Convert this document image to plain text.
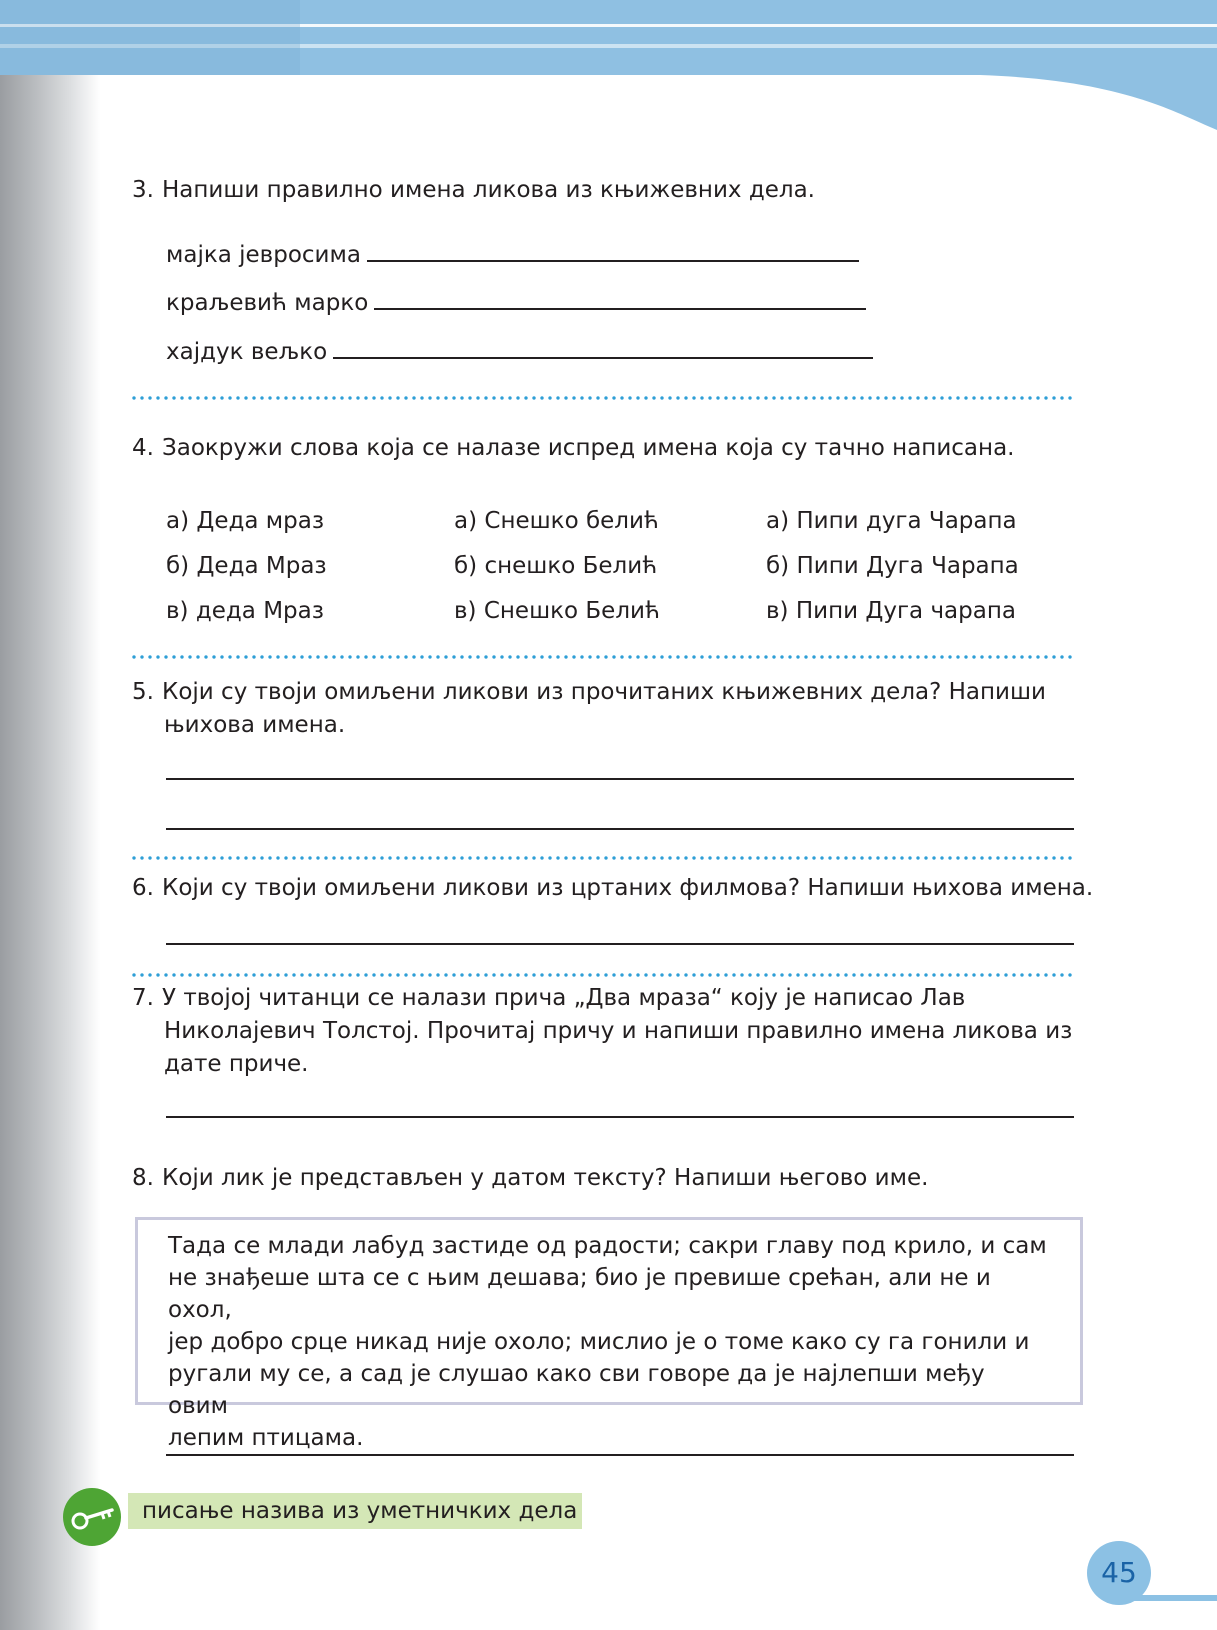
3. Напиши правилно имена ликова из књижевних дела.

мајка јевросима
краљевић марко
хајдук вељко

4. Заокружи слова која се налазе испред имена која су тачно написана.

а) Деда мраз
б) Деда Мраз
в) деда Мраз
а) Снешко белић
б) снешко Белић
в) Снешко Белић
а) Пипи дуга Чарапа
б) Пипи Дуга Чарапа
в) Пипи Дуга чарапа

5. Који су твоји омиљени ликови из прочитаних књижевних дела? Напиши
њихова имена.

6. Који су твоји омиљени ликови из цртаних филмова? Напиши њихова имена.

7. У твојој читанци се налази прича „Два мраза“ коју је написао Лав
Николајевич Толстој. Прочитај причу и напиши правилно имена ликова из
дате приче.

8. Који лик је представљен у датом тексту? Напиши његово име.

Тада се млади лабуд застиде од радости; сакри главу под крило, и сам
не знађеше шта се с њим дешава; био је превише срећан, али не и охол,
јер добро срце никад није охоло; мислио је о томе како су га гонили и
ругали му се, а сад је слушао како сви говоре да је најлепши међу овим
лепим птицама.
писање назива из уметничких дела
45
